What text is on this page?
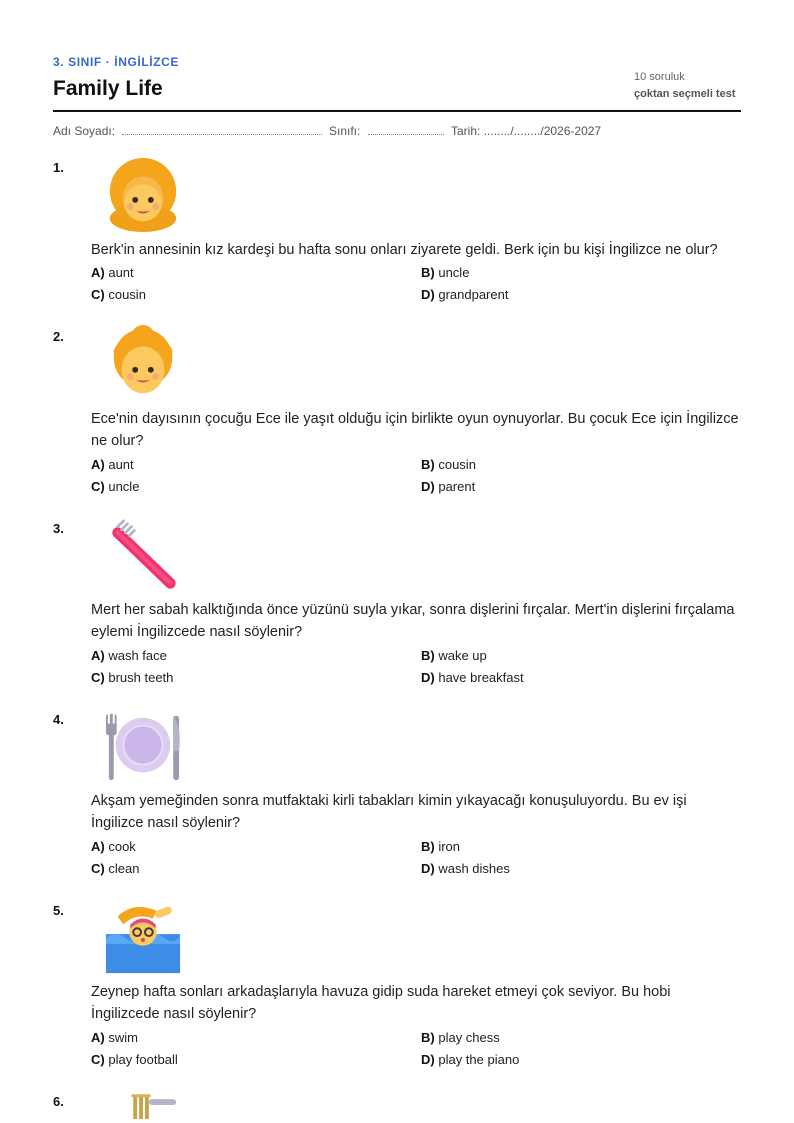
3. SINIF · İNGİLİZCE
Family Life	10 soruluk
çoktan seçmeli test
Adı Soyadı:	Sınıfı:	Tarih: ......../......../2026-2027
1.
Berk'in annesinin kız kardeşi bu hafta sonu onları ziyarete geldi. Berk için bu kişi İngilizce ne olur?
A) aunt	B) uncle
C) cousin	D) grandparent
2.
Ece'nin dayısının çocuğu Ece ile yaşıt olduğu için birlikte oyun oynuyorlar. Bu çocuk Ece için İngilizce ne olur?
A) aunt	B) cousin
C) uncle	D) parent
3.
Mert her sabah kalktığında önce yüzünü suyla yıkar, sonra dişlerini fırçalar. Mert'in dişlerini fırçalama eylemi İngilizcede nasıl söylenir?
A) wash face	B) wake up
C) brush teeth	D) have breakfast
4.
Akşam yemeğinden sonra mutfaktaki kirli tabakları kimin yıkayacağı konuşuluyordu. Bu ev işi İngilizce nasıl söylenir?
A) cook	B) iron
C) clean	D) wash dishes
5.
Zeynep hafta sonları arkadaşlarıyla havuza gidip suda hareket etmeyi çok seviyor. Bu hobi İngilizcede nasıl söylenir?
A) swim	B) play chess
C) play football	D) play the piano
6.
